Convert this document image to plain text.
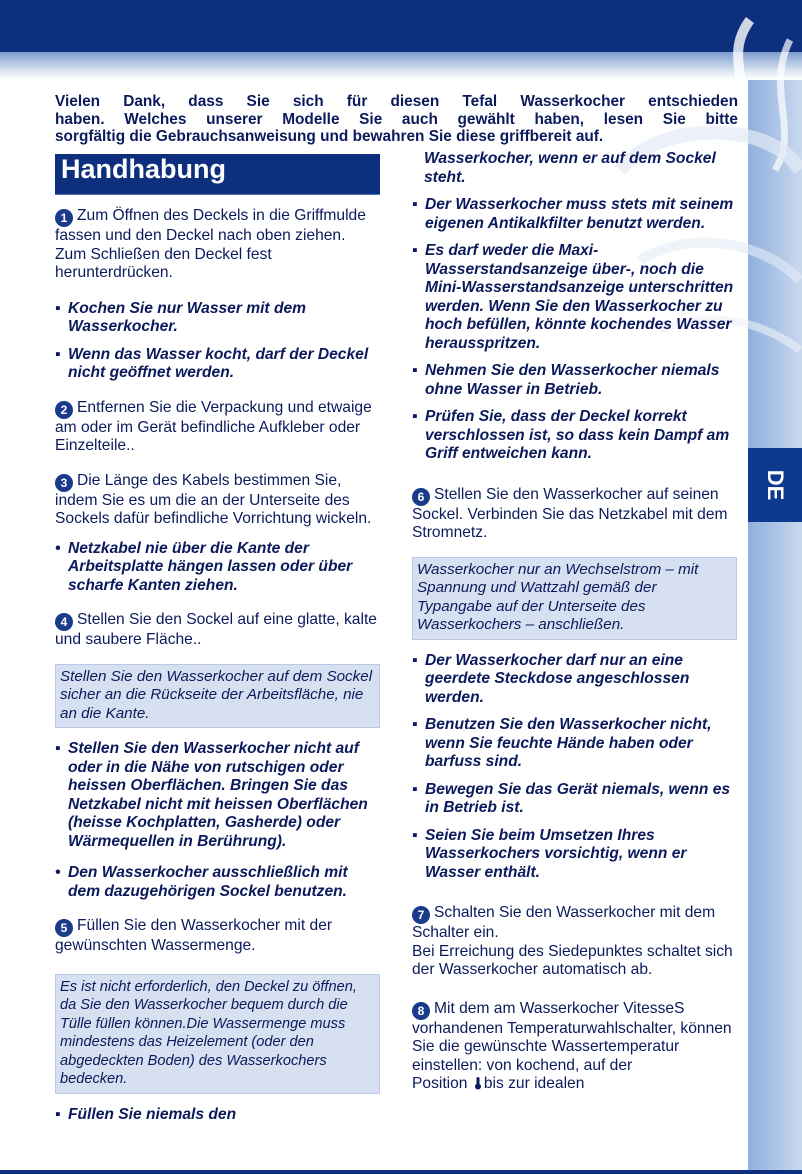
DE
Vielen Dank, dass Sie sich für diesen Tefal Wasserkocher entschieden
haben. Welches unserer Modelle Sie auch gewählt haben, lesen Sie bitte
sorgfältig die Gebrauchsanweisung und bewahren Sie diese griffbereit auf.
Handhabung
1 Zum Öffnen des Deckels in die Griffmulde fassen und den Deckel nach oben ziehen. Zum Schließen den Deckel fest herunterdrücken.
▪ Kochen Sie nur Wasser mit dem Wasserkocher.
▪ Wenn das Wasser kocht, darf der Deckel nicht geöffnet werden.
2 Entfernen Sie die Verpackung und etwaige am oder im Gerät befindliche Aufkleber oder Einzelteile..
3 Die Länge des Kabels bestimmen Sie, indem Sie es um die an der Unterseite des Sockels dafür befindliche Vorrichtung wickeln.
• Netzkabel nie über die Kante der Arbeitsplatte hängen lassen oder über scharfe Kanten ziehen.
4 Stellen Sie den Sockel auf eine glatte, kalte und saubere Fläche..
Stellen Sie den Wasserkocher auf dem Sockel sicher an die Rückseite der Arbeitsfläche, nie an die Kante.
▪ Stellen Sie den Wasserkocher nicht auf oder in die Nähe von rutschigen oder heissen Oberflächen. Bringen Sie das Netzkabel nicht mit heissen Oberflächen (heisse Kochplatten, Gasherde) oder Wärmequellen in Berührung).
• Den Wasserkocher ausschließlich mit dem dazugehörigen Sockel benutzen.
5 Füllen Sie den Wasserkocher mit der gewünschten Wassermenge.
Es ist nicht erforderlich, den Deckel zu öffnen, da Sie den Wasserkocher bequem durch die Tülle füllen können.Die Wassermenge muss mindestens das Heizelement (oder den abgedeckten Boden) des Wasserkochers bedecken.
▪ Füllen Sie niemals den
Wasserkocher, wenn er auf dem Sockel steht.
▪ Der Wasserkocher muss stets mit seinem eigenen Antikalkfilter benutzt werden.
▪ Es darf weder die Maxi-Wasserstandsanzeige über-, noch die Mini-Wasserstandsanzeige unterschritten werden. Wenn Sie den Wasserkocher zu hoch befüllen, könnte kochendes Wasser herausspritzen.
▪ Nehmen Sie den Wasserkocher niemals ohne Wasser in Betrieb.
▪ Prüfen Sie, dass der Deckel korrekt verschlossen ist, so dass kein Dampf am Griff entweichen kann.
6 Stellen Sie den Wasserkocher auf seinen Sockel. Verbinden Sie das Netzkabel mit dem Stromnetz.
Wasserkocher nur an Wechselstrom – mit Spannung und Wattzahl gemäß der Typangabe auf der Unterseite des Wasserkochers – anschließen.
▪ Der Wasserkocher darf nur an eine geerdete Steckdose angeschlossen werden.
▪ Benutzen Sie den Wasserkocher nicht, wenn Sie feuchte Hände haben oder barfuss sind.
▪ Bewegen Sie das Gerät niemals, wenn es in Betrieb ist.
▪ Seien Sie beim Umsetzen Ihres Wasserkochers vorsichtig, wenn er Wasser enthält.
7 Schalten Sie den Wasserkocher mit dem Schalter ein.
Bei Erreichung des Siedepunktes schaltet sich der Wasserkocher automatisch ab.
8 Mit dem am Wasserkocher VitesseS vorhandenen Temperaturwahlschalter, können Sie die gewünschte Wassertemperatur einstellen: von kochend, auf der
Position bis zur idealen
